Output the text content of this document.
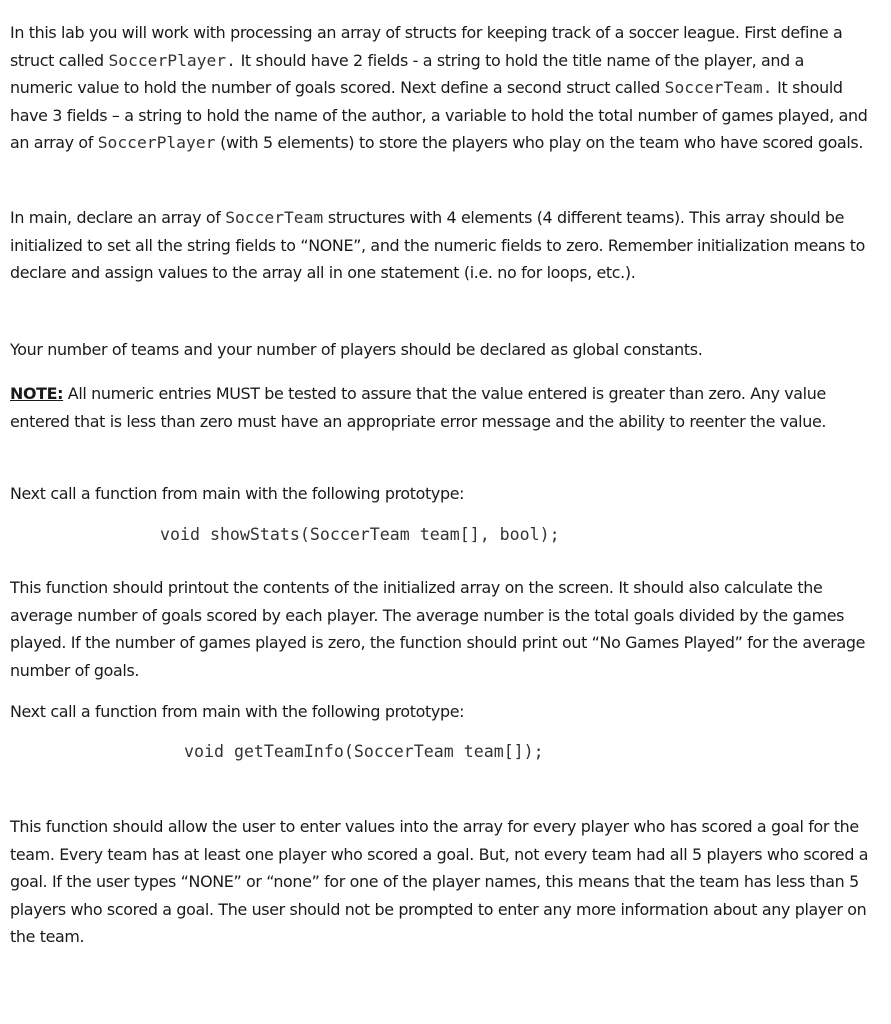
In this lab you will work with processing an array of structs for keeping track of a soccer league. First define a struct called SoccerPlayer. It should have 2 fields - a string to hold the title name of the player, and a numeric value to hold the number of goals scored. Next define a second struct called SoccerTeam. It should have 3 fields – a string to hold the name of the author, a variable to hold the total number of games played, and an array of SoccerPlayer (with 5 elements) to store the players who play on the team who have scored goals.

In main, declare an array of SoccerTeam structures with 4 elements (4 different teams). This array should be initialized to set all the string fields to “NONE”, and the numeric fields to zero. Remember initialization means to declare and assign values to the array all in one statement (i.e. no for loops, etc.).

Your number of teams and your number of players should be declared as global constants.

NOTE: All numeric entries MUST be tested to assure that the value entered is greater than zero. Any value entered that is less than zero must have an appropriate error message and the ability to reenter the value.

Next call a function from main with the following prototype:

void showStats(SoccerTeam team[], bool);

This function should printout the contents of the initialized array on the screen. It should also calculate the average number of goals scored by each player. The average number is the total goals divided by the games played. If the number of games played is zero, the function should print out “No Games Played” for the average number of goals.

Next call a function from main with the following prototype:

void getTeamInfo(SoccerTeam team[]);

This function should allow the user to enter values into the array for every player who has scored a goal for the team. Every team has at least one player who scored a goal. But, not every team had all 5 players who scored a goal. If the user types “NONE” or “none” for one of the player names, this means that the team has less than 5 players who scored a goal. The user should not be prompted to enter any more information about any player on the team.
